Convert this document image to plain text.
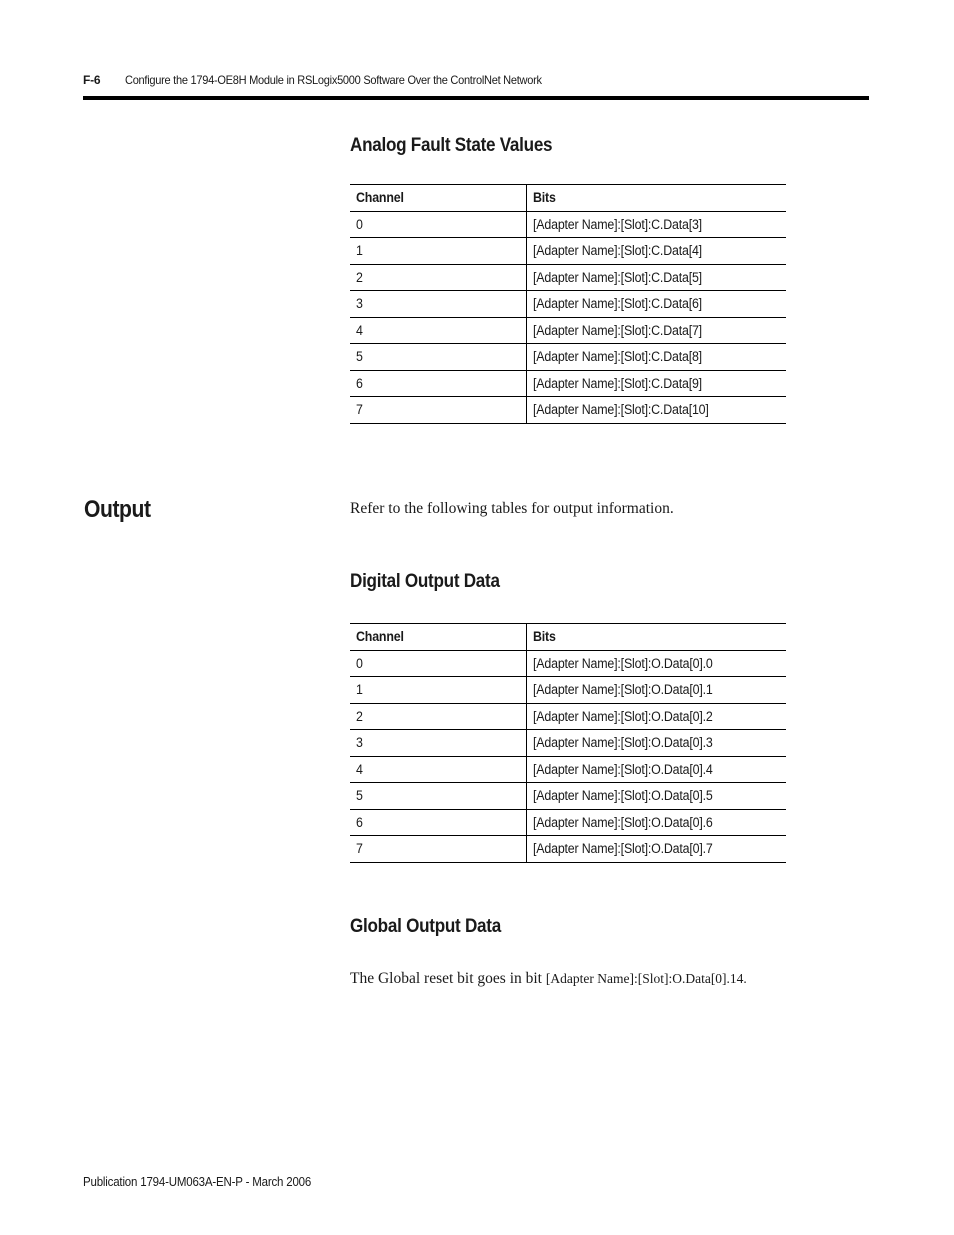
F-6 Configure the 1794-OE8H Module in RSLogix5000 Software Over the ControlNet Network
Analog Fault State Values
Channel	Bits
0	[Adapter Name]:[Slot]:C.Data[3]
1	[Adapter Name]:[Slot]:C.Data[4]
2	[Adapter Name]:[Slot]:C.Data[5]
3	[Adapter Name]:[Slot]:C.Data[6]
4	[Adapter Name]:[Slot]:C.Data[7]
5	[Adapter Name]:[Slot]:C.Data[8]
6	[Adapter Name]:[Slot]:C.Data[9]
7	[Adapter Name]:[Slot]:C.Data[10]
Output	Refer to the following tables for output information.
Digital Output Data
Channel	Bits
0	[Adapter Name]:[Slot]:O.Data[0].0
1	[Adapter Name]:[Slot]:O.Data[0].1
2	[Adapter Name]:[Slot]:O.Data[0].2
3	[Adapter Name]:[Slot]:O.Data[0].3
4	[Adapter Name]:[Slot]:O.Data[0].4
5	[Adapter Name]:[Slot]:O.Data[0].5
6	[Adapter Name]:[Slot]:O.Data[0].6
7	[Adapter Name]:[Slot]:O.Data[0].7
Global Output Data
The Global reset bit goes in bit [Adapter Name]:[Slot]:O.Data[0].14.
Publication 1794-UM063A-EN-P - March 2006
